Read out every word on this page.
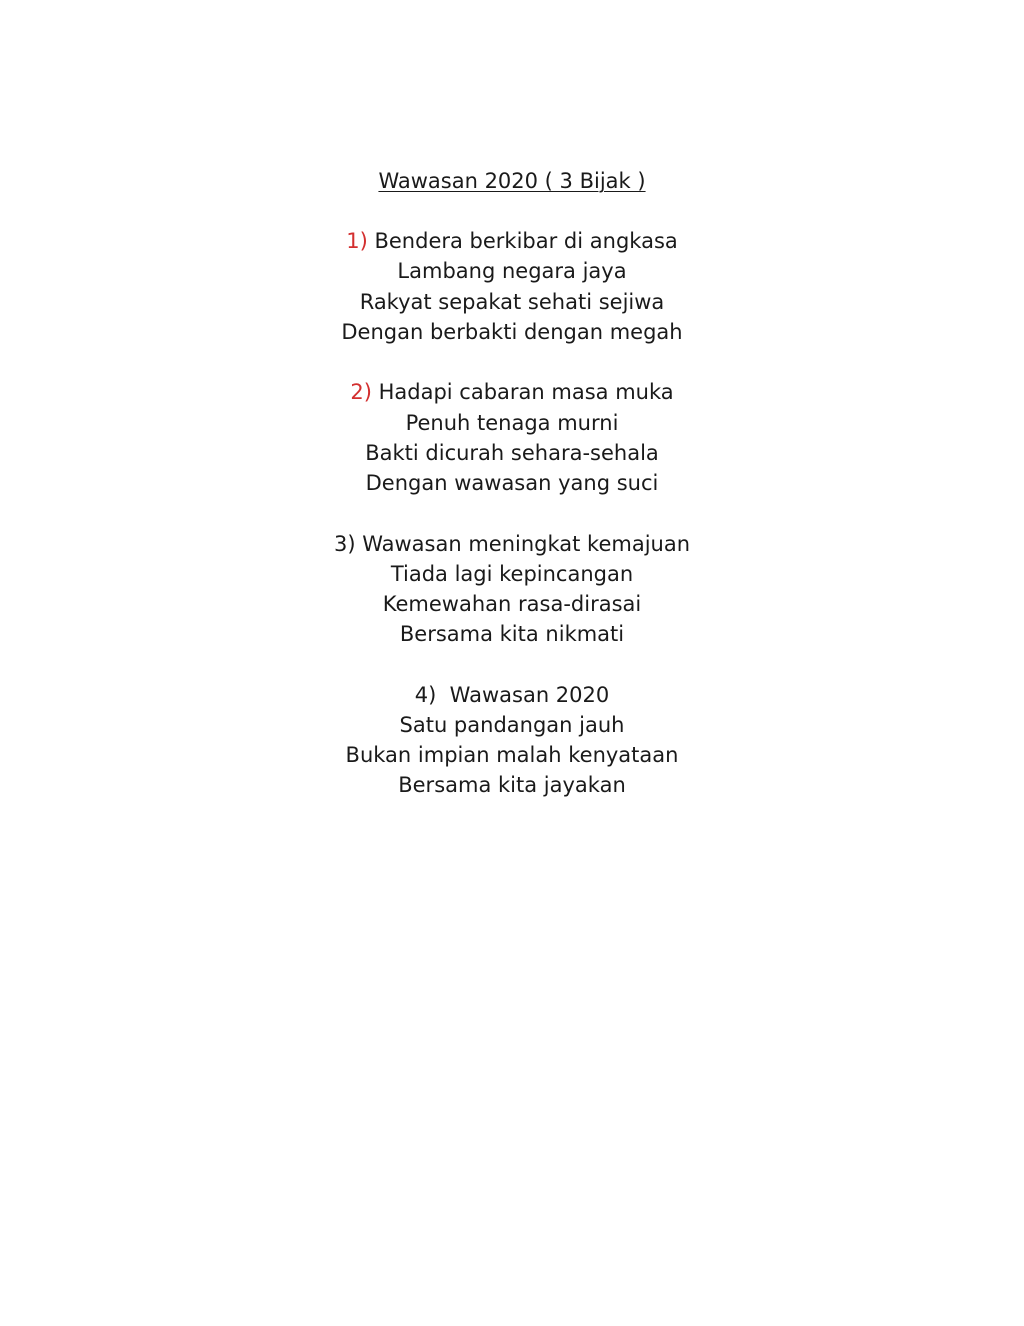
Wawasan 2020 ( 3 Bijak )
1) Bendera berkibar di angkasa
Lambang negara jaya
Rakyat sepakat sehati sejiwa
Dengan berbakti dengan megah
2) Hadapi cabaran masa muka
Penuh tenaga murni
Bakti dicurah sehara-sehala
Dengan wawasan yang suci
3) Wawasan meningkat kemajuan
Tiada lagi kepincangan
Kemewahan rasa-dirasai
Bersama kita nikmati
4) Wawasan 2020
Satu pandangan jauh
Bukan impian malah kenyataan
Bersama kita jayakan
